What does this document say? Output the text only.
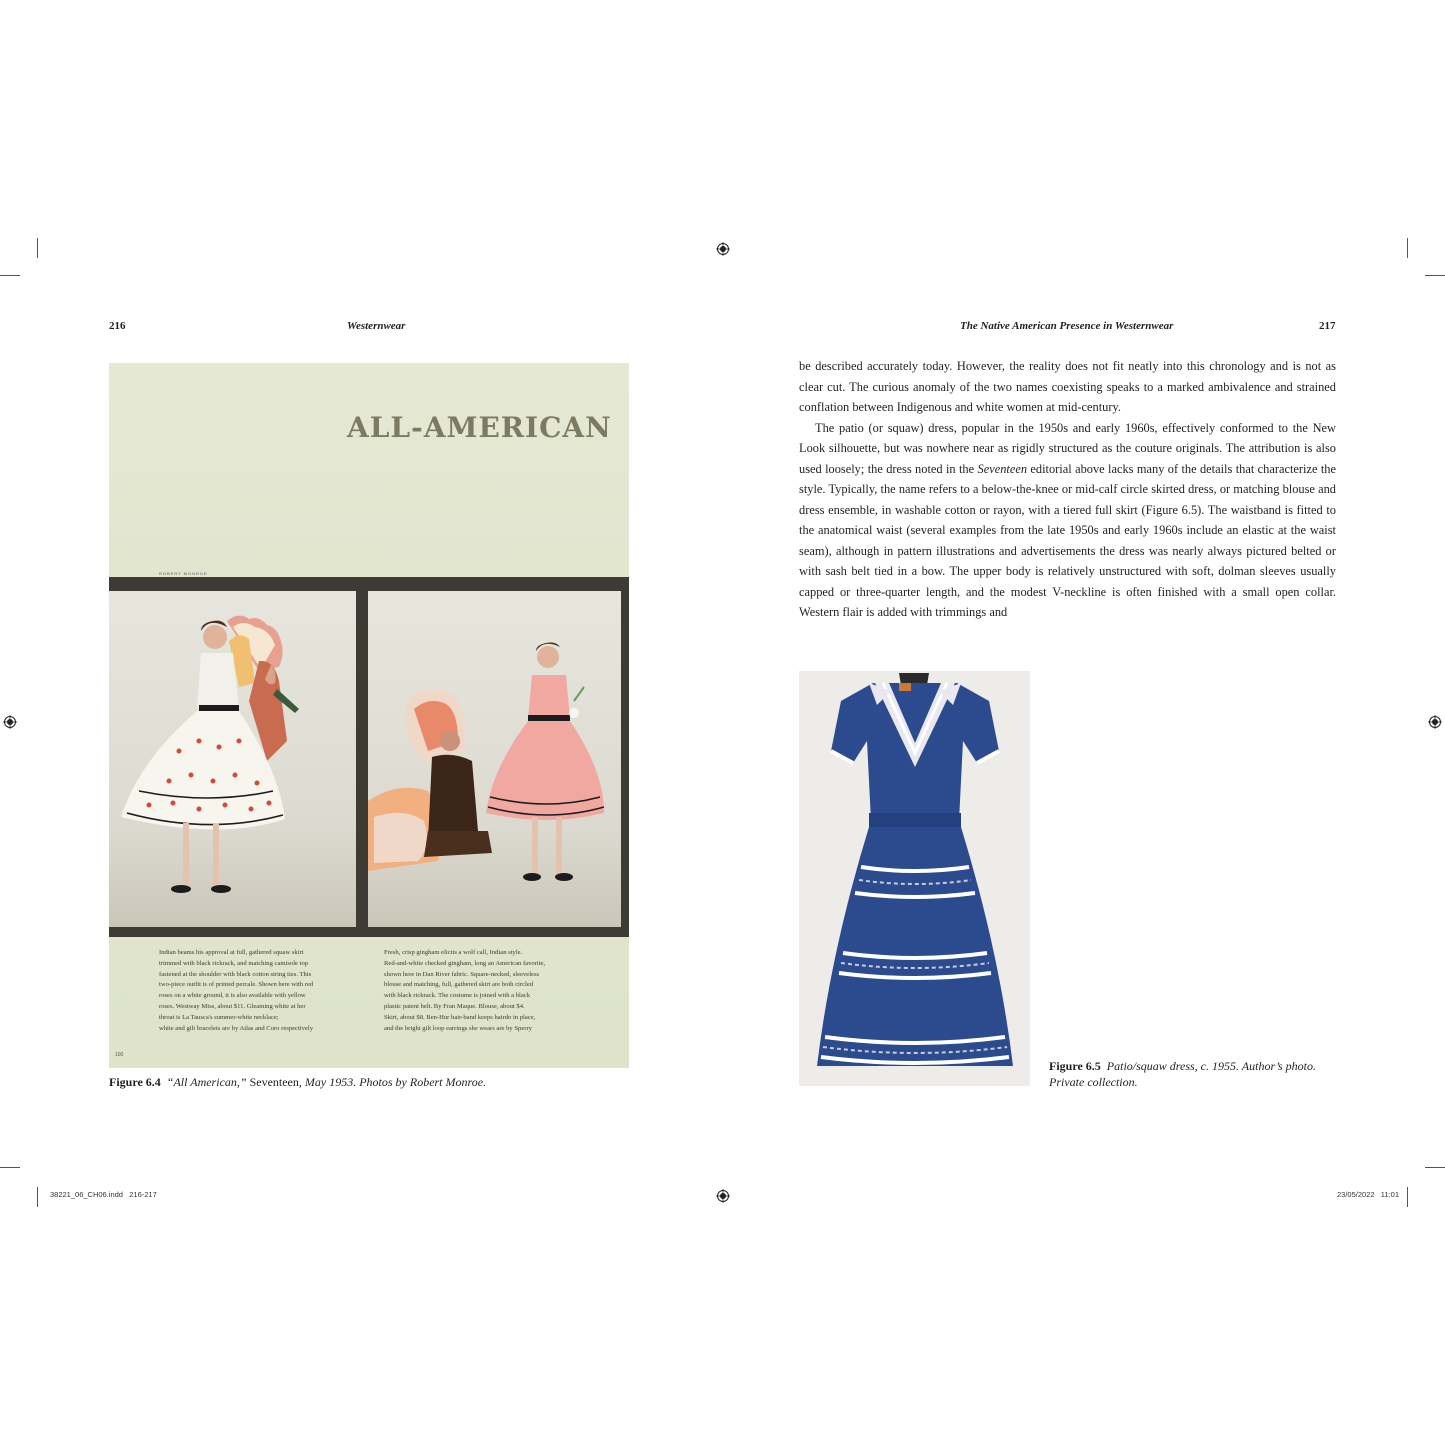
216	Westernwear	The Native American Presence in Westernwear	217
ALL-AMERICAN
ROBERT MONROE
Indian beams his approval at full, gathered squaw skirt
trimmed with black rickrack, and matching camisole top
fastened at the shoulder with black cotton string ties. This
two-piece outfit is of printed percale. Shown here with red
roses on a white ground, it is also available with yellow
roses. Westway Miss, about $11. Gleaming white at her
throat is La Tausca's summer-white necklace;
white and gilt bracelets are by Atlas and Coro respectively
Fresh, crisp gingham elicits a wolf call, Indian style.
Red-and-white checked gingham, long an American favorite,
shown here in Dan River fabric. Square-necked, sleeveless
blouse and matching, full, gathered skirt are both circled
with black rickrack. The costume is joined with a black
plastic patent belt. By Fran Maque. Blouse, about $4.
Skirt, about $8. Ben-Hur hair-band keeps hairdo in place,
and the bright gilt loop earrings she wears are by Sperry
100
Figure 6.4 “All American,” Seventeen, May 1953. Photos by Robert Monroe.

be described accurately today. However, the reality does not fit neatly into this chronology and is not as clear cut. The curious anomaly of the two names coexisting speaks to a marked ambivalence and strained conflation between Indigenous and white women at mid-century.

The patio (or squaw) dress, popular in the 1950s and early 1960s, effectively conformed to the New Look silhouette, but was nowhere near as rigidly structured as the couture originals. The attribution is also used loosely; the dress noted in the Seventeen editorial above lacks many of the details that characterize the style. Typically, the name refers to a below-the-knee or mid-calf circle skirted dress, or matching blouse and dress ensemble, in washable cotton or rayon, with a tiered full skirt (Figure 6.5). The waistband is fitted to the anatomical waist (several examples from the late 1950s and early 1960s include an elastic at the waist seam), although in pattern illustrations and advertisements the dress was nearly always pictured belted or with sash belt tied in a bow. The upper body is relatively unstructured with soft, dolman sleeves usually capped or three-quarter length, and the modest V-neckline is often finished with a small open collar. Western flair is added with trimmings and

Figure 6.5 Patio/squaw dress, c. 1955. Author’s photo. Private collection.
38221_06_CH06.indd   216-217	23/05/2022   11:01
